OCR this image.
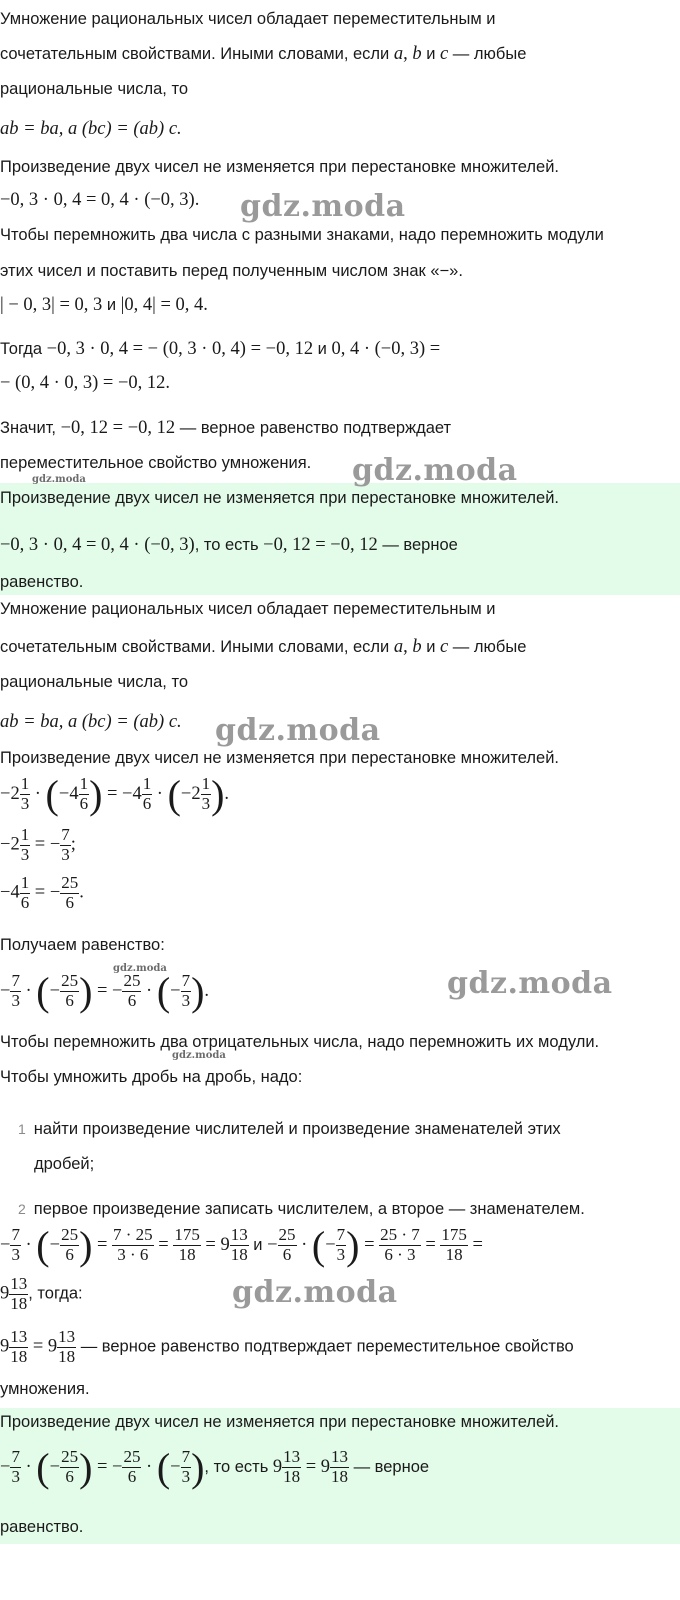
Умножение рациональных чисел обладает переместительным и
сочетательным свойствами. Иными словами, если a, b и c — любые
рациональные числа, то
ab = ba, a (bc) = (ab) c.
Произведение двух чисел не изменяется при перестановке множителей.
−0, 3 · 0, 4 = 0, 4 · (−0, 3).
Чтобы перемножить два числа с разными знаками, надо перемножить модули
этих чисел и поставить перед полученным числом знак «−».
| − 0, 3| = 0, 3 и |0, 4| = 0, 4.
Тогда −0, 3 · 0, 4 = − (0, 3 · 0, 4) = −0, 12 и 0, 4 · (−0, 3) =
− (0, 4 · 0, 3) = −0, 12.
Значит, −0, 12 = −0, 12 — верное равенство подтверждает
переместительное свойство умножения.
Произведение двух чисел не изменяется при перестановке множителей.
−0, 3 · 0, 4 = 0, 4 · (−0, 3), то есть −0, 12 = −0, 12 — верное
равенство.
Умножение рациональных чисел обладает переместительным и
сочетательным свойствами. Иными словами, если a, b и c — любые
рациональные числа, то
ab = ba, a (bc) = (ab) c.
Произведение двух чисел не изменяется при перестановке множителей.
$-2 \frac{1}{3} \cdot (-4 \frac{1}{6}$ ) = $-4 \frac{1}{6} \cdot (-2 \frac{1}{3}$ ).
$-2 \frac{1}{3}$ = − $\frac{7}{3}$ ;
$-4 \frac{1}{6}$ = − $\frac{25}{6}$ .
Получаем равенство:
− $\frac{7}{3}$ · (− $\frac{25}{6}$ ) = − $\frac{25}{6}$ · (− $\frac{7}{3}$ ).
Чтобы перемножить два отрицательных числа, надо перемножить их модули.
Чтобы умножить дробь на дробь, надо:
1 найти произведение числителей и произведение знаменателей этих
дробей;
2 первое произведение записать числителем, а второе — знаменателем.
− $\frac{7}{3}$ · (− $\frac{25}{6}$ ) = $\frac{7 \cdot 25}{3 \cdot 6} = \frac{175}{18} = 9 \frac{13}{18}$ $и - \frac{25}{6}$ · (− $\frac{7}{3}$ ) = $\frac{25 \cdot 7}{6 \cdot 3} = \frac{175}{18}$ =
$9 \frac{13}{18}$ , тогда:
$9 \frac{13}{18} = 9 \frac{13}{18}$ — верное равенство подтверждает переместительное свойство
умножения.
Произведение двух чисел не изменяется при перестановке множителей.
− $\frac{7}{3}$ · (− $\frac{25}{6}$ ) = − $\frac{25}{6}$ · (− $\frac{7}{3}$ ), то есть $9 \frac{13}{18} = 9 \frac{13}{18}$ — верное
равенство.
gdz.moda
gdz.moda	gdz.moda
gdz.moda
gdz.moda	gdz.moda
gdz.moda
gdz.moda
